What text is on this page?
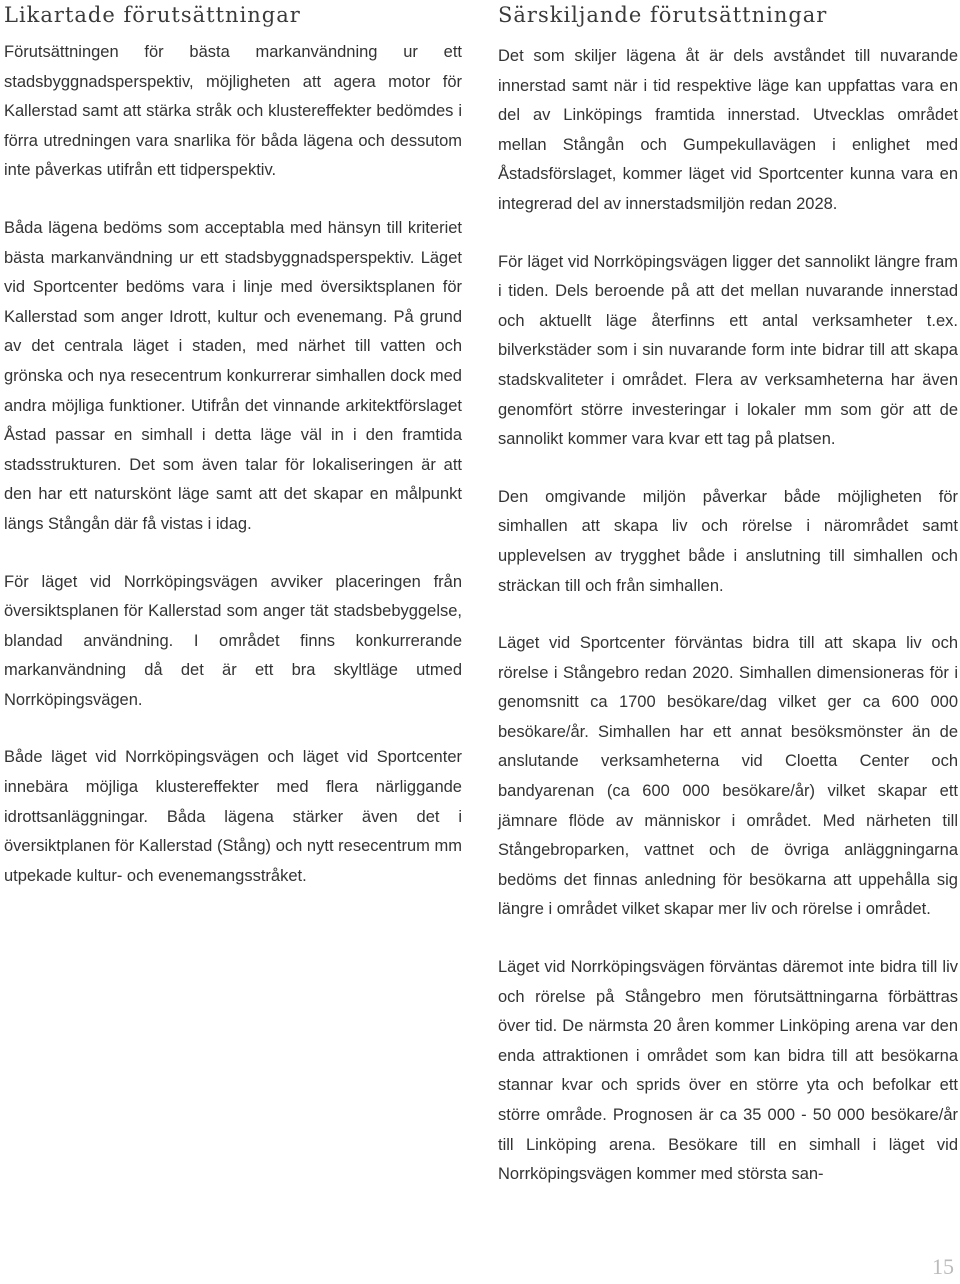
Likartade förutsättningar

Förutsättningen för bästa markanvändning ur ett stadsbyggnadsperspektiv, möjligheten att agera motor för Kallerstad samt att stärka stråk och klustereffekter bedömdes i förra utredningen vara snarlika för båda lägena och dessutom inte påverkas utifrån ett tidperspektiv.

Båda lägena bedöms som acceptabla med hänsyn till kriteriet bästa markanvändning ur ett stadsbyggnadsperspektiv. Läget vid Sportcenter bedöms vara i linje med översiktsplanen för Kallerstad som anger Idrott, kultur och evenemang. På grund av det centrala läget i staden, med närhet till vatten och grönska och nya resecentrum konkurrerar simhallen dock med andra möjliga funktioner. Utifrån det vinnande arkitektförslaget Åstad passar en simhall i detta läge väl in i den framtida stadsstrukturen. Det som även talar för lokaliseringen är att den har ett naturskönt läge samt att det skapar en målpunkt längs Stångån där få vistas i idag.

För läget vid Norrköpingsvägen avviker placeringen från översiktsplanen för Kallerstad som anger tät stadsbebyggelse, blandad användning. I området finns konkurrerande markanvändning då det är ett bra skyltläge utmed Norrköpingsvägen.

Både läget vid Norrköpingsvägen och läget vid Sportcenter innebära möjliga klustereffekter med flera närliggande idrottsanläggningar. Båda lägena stärker även det i översiktplanen för Kallerstad (Stång) och nytt resecentrum mm utpekade kultur- och evenemangsstråket.

Särskiljande förutsättningar

Det som skiljer lägena åt är dels avståndet till nuvarande innerstad samt när i tid respektive läge kan uppfattas vara en del av Linköpings framtida innerstad. Utvecklas området mellan Stångån och Gumpekullavägen i enlighet med Åstadsförslaget, kommer läget vid Sportcenter kunna vara en integrerad del av innerstadsmiljön redan 2028.

För läget vid Norrköpingsvägen ligger det sannolikt längre fram i tiden. Dels beroende på att det mellan nuvarande innerstad och aktuellt läge återfinns ett antal verksamheter t.ex. bilverkstäder som i sin nuvarande form inte bidrar till att skapa stadskvaliteter i området. Flera av verksamheterna har även genomfört större investeringar i lokaler mm som gör att de sannolikt kommer vara kvar ett tag på platsen.

Den omgivande miljön påverkar både möjligheten för simhallen att skapa liv och rörelse i närområdet samt upplevelsen av trygghet både i anslutning till simhallen och sträckan till och från simhallen.

Läget vid Sportcenter förväntas bidra till att skapa liv och rörelse i Stångebro redan 2020. Simhallen dimensioneras för i genomsnitt ca 1700 besökare/dag vilket ger ca 600 000 besökare/år. Simhallen har ett annat besöksmönster än de anslutande verksamheterna vid Cloetta Center och bandyarenan (ca 600 000 besökare/år) vilket skapar ett jämnare flöde av människor i området. Med närheten till Stångebroparken, vattnet och de övriga anläggningarna bedöms det finnas anledning för besökarna att uppehålla sig längre i området vilket skapar mer liv och rörelse i området.

Läget vid Norrköpingsvägen förväntas däremot inte bidra till liv och rörelse på Stångebro men förutsättningarna förbättras över tid. De närmsta 20 åren kommer Linköping arena var den enda attraktionen i området som kan bidra till att besökarna stannar kvar och sprids över en större yta och befolkar ett större område. Prognosen är ca 35 000 - 50 000 besökare/år till Linköping arena. Besökare till en simhall i läget vid Norrköpingsvägen kommer med största san-

15
